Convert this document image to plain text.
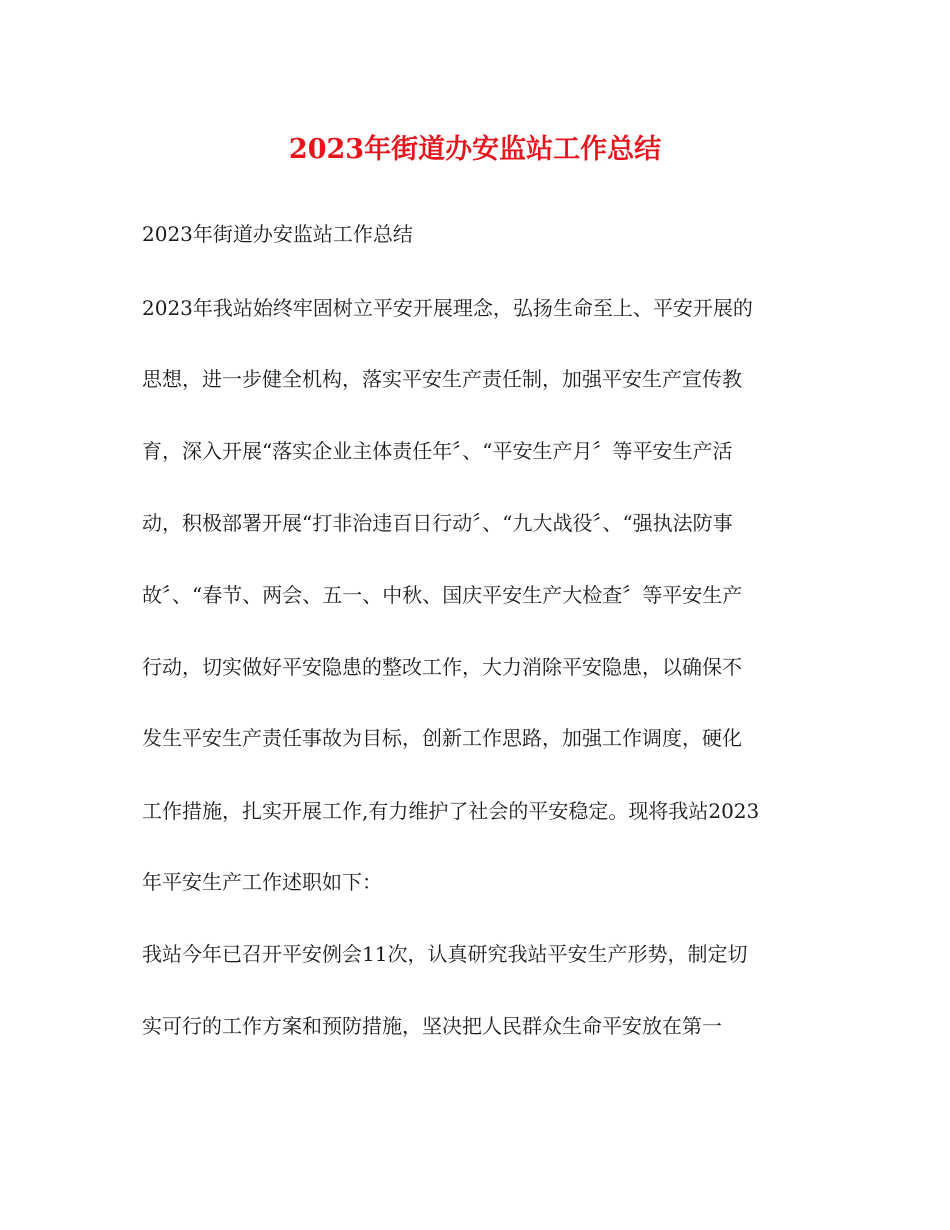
2023年街道办安监站工作总结
2023年街道办安监站工作总结
2023年我站始终牢固树立平安开展理念，弘扬生命至上、平安开展的
思想，进一步健全机构，落实平安生产责任制，加强平安生产宣传教
育，深入开展“落实企业主体责任年〞、“平安生产月〞等平安生产活
动，积极部署开展“打非治违百日行动〞、“九大战役〞、“强执法防事
故〞、“春节、两会、五一、中秋、国庆平安生产大检查〞等平安生产
行动，切实做好平安隐患的整改工作，大力消除平安隐患，以确保不
发生平安生产责任事故为目标，创新工作思路，加强工作调度，硬化
工作措施，扎实开展工作,有力维护了社会的平安稳定。现将我站2023
年平安生产工作述职如下：
我站今年已召开平安例会11次，认真研究我站平安生产形势，制定切
实可行的工作方案和预防措施，坚决把人民群众生命平安放在第一
